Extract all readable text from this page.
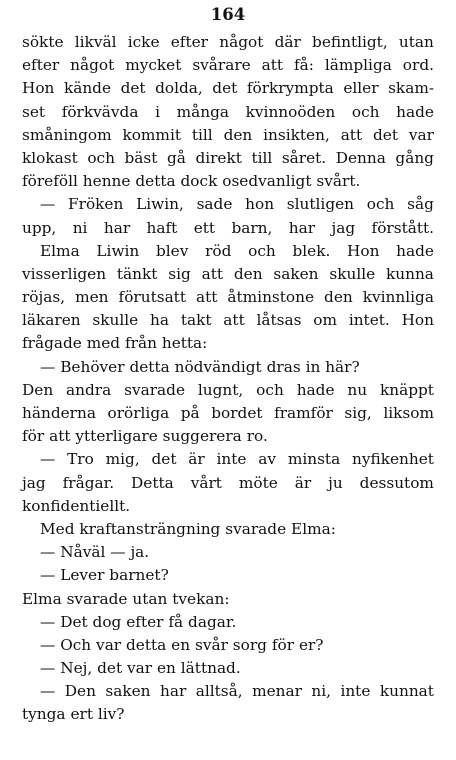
164
sökte likväl icke efter något där befintligt, utan
efter något mycket svårare att få: lämpliga ord.
Hon kände det dolda, det förkrympta eller skam-
set förkvävda i många kvinnoöden och hade
småningom kommit till den insikten, att det var
klokast och bäst gå direkt till såret. Denna gång
föreföll henne detta dock osedvanligt svårt.
— Fröken Liwin, sade hon slutligen och såg
upp, ni har haft ett barn, har jag förstått.
Elma Liwin blev röd och blek. Hon hade
visserligen tänkt sig att den saken skulle kunna
röjas, men förutsatt att åtminstone den kvinnliga
läkaren skulle ha takt att låtsas om intet. Hon
frågade med från hetta:
— Behöver detta nödvändigt dras in här?
Den andra svarade lugnt, och hade nu knäppt
händerna orörliga på bordet framför sig, liksom
för att ytterligare suggerera ro.
— Tro mig, det är inte av minsta nyfikenhet
jag frågar. Detta vårt möte är ju dessutom
konfidentiellt.
Med kraftansträngning svarade Elma:
— Nåväl — ja.
— Lever barnet?
Elma svarade utan tvekan:
— Det dog efter få dagar.
— Och var detta en svår sorg för er?
— Nej, det var en lättnad.
— Den saken har alltså, menar ni, inte kunnat
tynga ert liv?
